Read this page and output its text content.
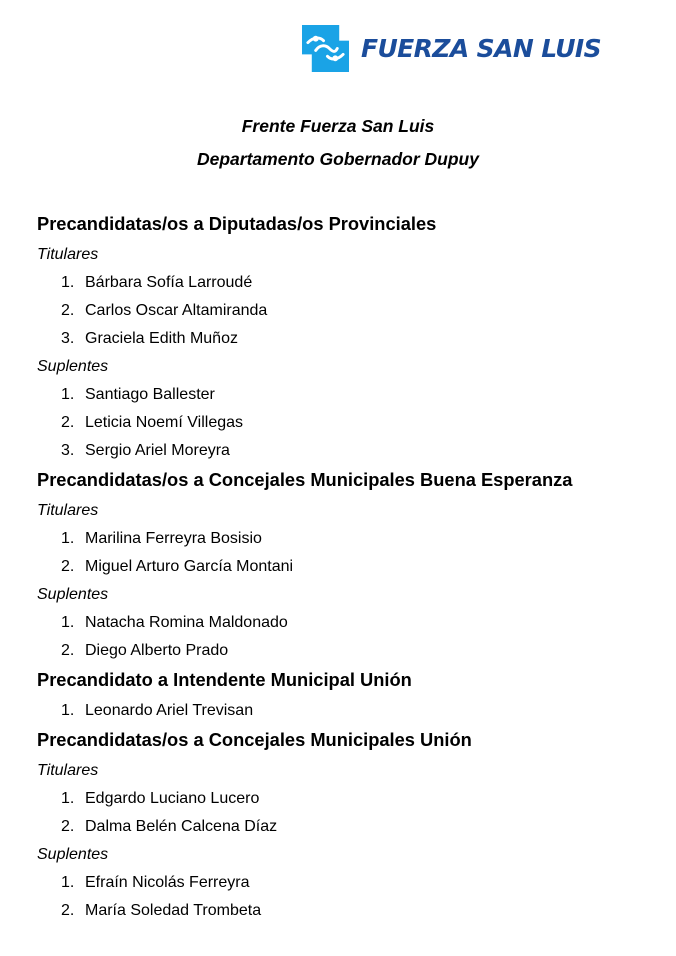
FUERZA SAN LUIS
Frente Fuerza San Luis
Departamento Gobernador Dupuy
Precandidatas/os a Diputadas/os Provinciales
Titulares
1. Bárbara Sofía Larroudé
2. Carlos Oscar Altamiranda
3. Graciela Edith Muñoz
Suplentes
1. Santiago Ballester
2. Leticia Noemí Villegas
3. Sergio Ariel Moreyra
Precandidatas/os a Concejales Municipales Buena Esperanza
Titulares
1. Marilina Ferreyra Bosisio
2. Miguel Arturo García Montani
Suplentes
1. Natacha Romina Maldonado
2. Diego Alberto Prado
Precandidato a Intendente Municipal Unión
1. Leonardo Ariel Trevisan
Precandidatas/os a Concejales Municipales Unión
Titulares
1. Edgardo Luciano Lucero
2. Dalma Belén Calcena Díaz
Suplentes
1. Efraín Nicolás Ferreyra
2. María Soledad Trombeta
